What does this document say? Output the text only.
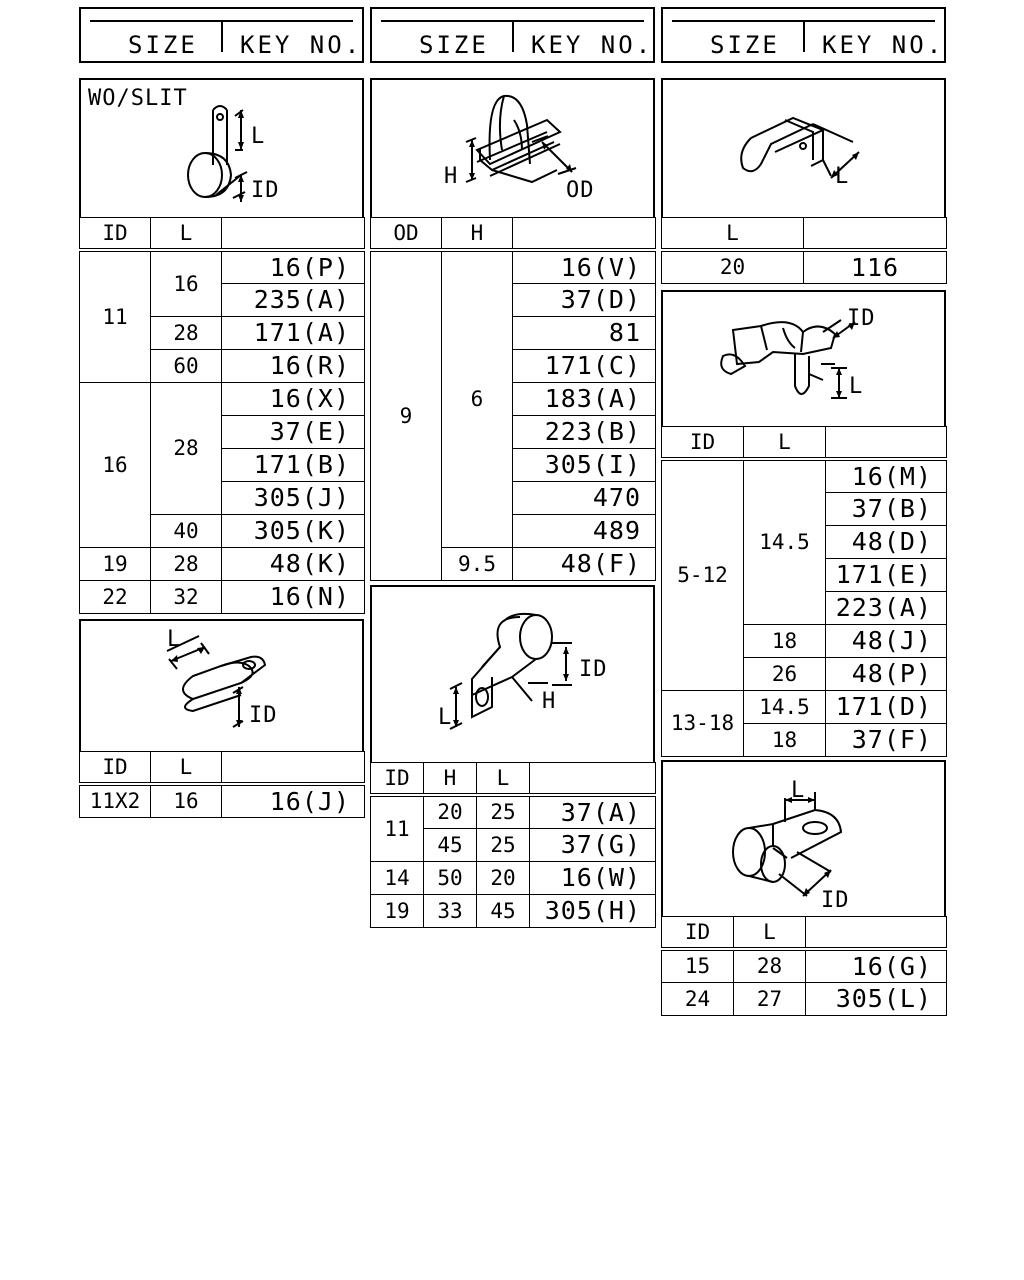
SIZE KEY NO. SIZE KEY NO. SIZE KEY NO.
WO/SLIT
L
ID
ID	L	
11	16	16(P)
		235(A)
	28	171(A)
	60	16(R)
16	28	16(X)
		37(E)
		171(B)
		305(J)
	40	305(K)
19	28	48(K)
22	32	16(N)
L
ID
ID	L	
11X2	16	16(J)
H
OD
OD	H	
9	6	16(V)
		37(D)
		81
		171(C)
		183(A)
		223(B)
		305(I)
		470
		489
	9.5	48(F)
ID
H
L
ID	H	L	
11	20	25	37(A)
	45	25	37(G)
14	50	20	16(W)
19	33	45	305(H)
L
L	
20	116
ID
L
ID	L	
5-12	14.5	16(M)
		37(B)
		48(D)
		171(E)
		223(A)
	18	48(J)
	26	48(P)
13-18	14.5	171(D)
	18	37(F)
L
ID
ID	L	
15	28	16(G)
24	27	305(L)
